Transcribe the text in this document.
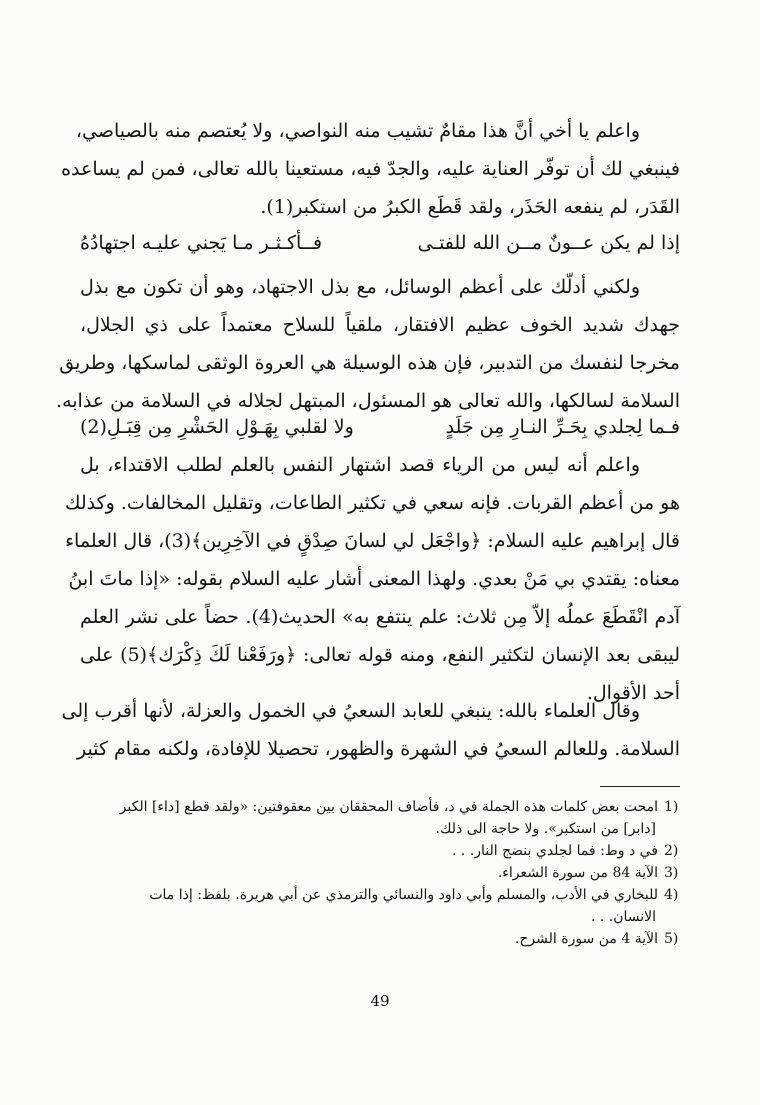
واعلم يا أخي أنَّ هذا مقامٌ تشيب منه النواصي، ولا يُعتصم منه بالصياصي،
فينبغي لك أن توفّر العناية عليه، والجدّ فيه، مستعينا بالله تعالى، فمن لم يساعده
القَدَر، لم ينفعه الحَذَر، ولقد قَطَع الكبرُ من استكبر(1).
إذا لم يكن عــونٌ مــن الله للفتـى
فــأكـثـر مـا يَجني عليـه اجتهادُهُ
ولكني أدلّك على أعظم الوسائل، مع بذل الاجتهاد، وهو أن تكون مع بذل
جهدك شديد الخوف عظيم الافتقار، ملقياً للسلاح معتمداً على ذي الجلال،
مخرجا لنفسك من التدبير، فإن هذه الوسيلة هي العروة الوثقى لماسكها، وطريق
السلامة لسالكها، والله تعالى هو المسئول، المبتهل لجلاله في السلامة من عذابه.
فـما لِجلدي بِحَـرِّ النـارِ مِن جَلَدٍ
ولا لقلبي بِهَـوْلِ الحَشْرِ مِن قِبَـلِ(2)
واعلم أنه ليس من الرياء قصد اشتهار النفس بالعلم لطلب الاقتداء، بل
هو من أعظم القربات. فإنه سعي في تكثير الطاعات، وتقليل المخالفات. وكذلك
قال إبراهيم عليه السلام: ﴿واجْعَل لي لسانَ صِدْقٍ في الآخِرِين﴾(3)، قال العلماء
معناه: يقتدي بي مَنْ بعدي. ولهذا المعنى أشار عليه السلام بقوله: «إذا ماتَ ابنُ
آدم انْقَطَعَ عملُه إلاّ مِن ثلاث: علم ينتفع به» الحديث(4). حضاً على نشر العلم
ليبقى بعد الإنسان لتكثير النفع، ومنه قوله تعالى: ﴿ورَفَعْنا لَكَ ذِكْرَك﴾(5) على
أحد الأقوال.
وقال العلماء بالله: ينبغي للعابد السعيُ في الخمول والعزلة، لأنها أقرب إلى
السلامة. وللعالم السعيُ في الشهرة والظهور، تحصيلا للإفادة، ولكنه مقام كثير
امحت بعض كلمات هذه الجملة في د، فأضاف المحققان بين معقوفتين: «ولقد قطع [داء] الكبر 1)
[دابر] من استكبر». ولا حاجة الى ذلك.
في د وط: فما لجلدي بنضج النار. . . 2)
الآية 84 من سورة الشعراء. 3)
للبخاري في الأدب، والمسلم وأبي داود والنسائي والترمذي عن أبي هريرة. بلفظ: إذا مات 4)
الانسان. . .
الآية 4 من سورة الشرح. 5)
49
